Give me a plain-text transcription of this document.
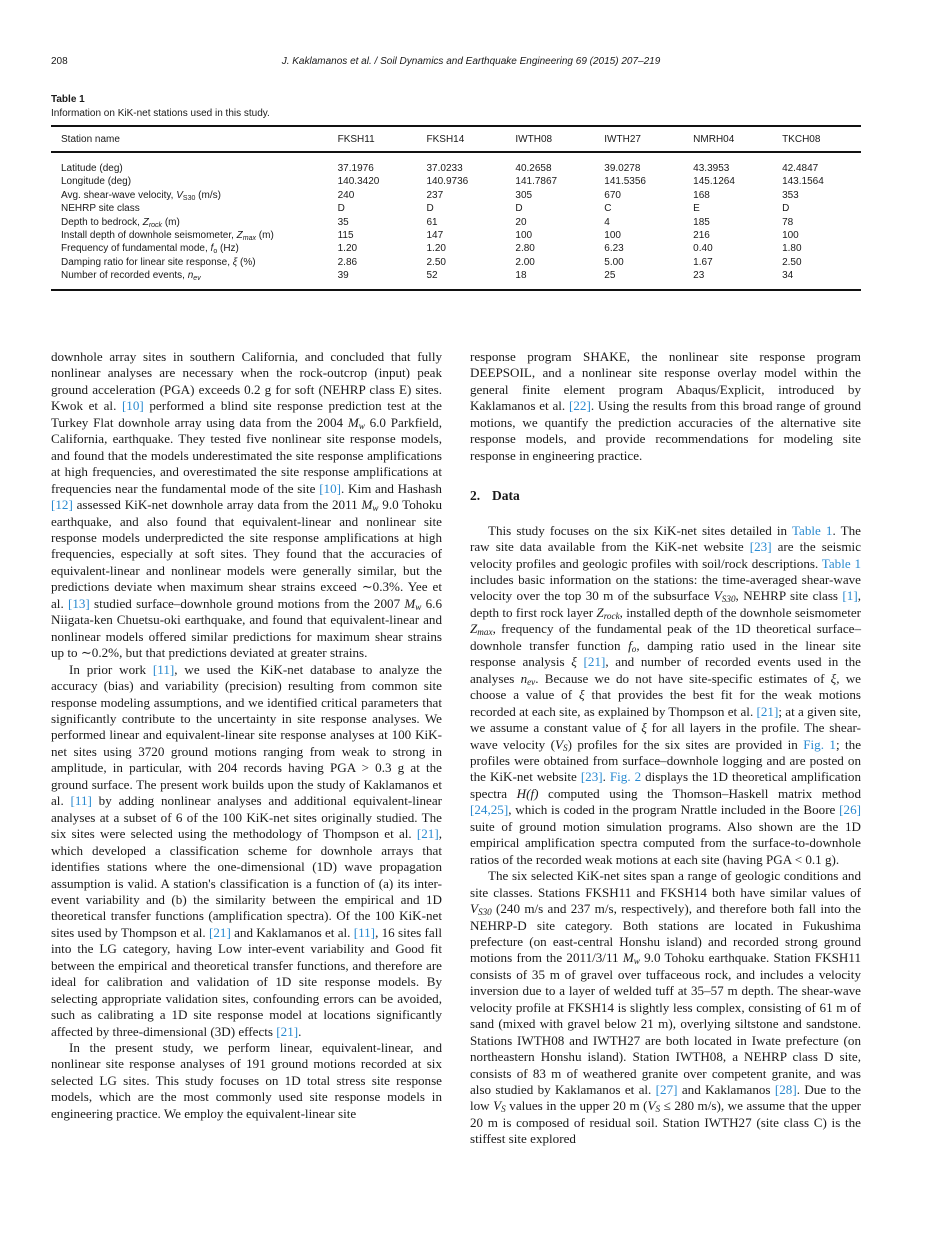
208	J. Kaklamanos et al. / Soil Dynamics and Earthquake Engineering 69 (2015) 207–219
Table 1
Information on KiK-net stations used in this study.
Station name	FKSH11	FKSH14	IWTH08	IWTH27	NMRH04	TKCH08
Latitude (deg)	37.1976	37.0233	40.2658	39.0278	43.3953	42.4847
Longitude (deg)	140.3420	140.9736	141.7867	141.5356	145.1264	143.1564
Avg. shear-wave velocity, $V_{S30}$ (m/s)	240	237	305	670	168	353
NEHRP site class	D	D	D	C	E	D
Depth to bedrock, $Z_{rock}$ (m)	35	61	20	4	185	78
Install depth of downhole seismometer, $Z_{max}$ (m)	115	147	100	100	216	100
Frequency of fundamental mode, $f_o$ (Hz)	1.20	1.20	2.80	6.23	0.40	1.80
Damping ratio for linear site response, ξ (%)	2.86	2.50	2.00	5.00	1.67	2.50
Number of recorded events, $n_{ev}$	39	52	18	25	23	34

downhole array sites in southern California, and concluded that fully nonlinear analyses are necessary when the rock-outcrop (input) peak ground acceleration (PGA) exceeds 0.2 g for soft (NEHRP class E) sites. Kwok et al. [10] performed a blind site response prediction test at the Turkey Flat downhole array using data from the 2004 $M_w$ 6.0 Parkfield, California, earthquake. They tested five nonlinear site response models, and found that the models underestimated the site response amplifications at high frequencies, and overestimated the site response amplifications at frequencies near the fundamental mode of the site [10]. Kim and Hashash [12] assessed KiK-net downhole array data from the 2011 $M_w$ 9.0 Tohoku earthquake, and also found that equivalent-linear and nonlinear site response models underpredicted the site response amplifications at high frequencies, especially at soft sites. They found that the accuracies of equivalent-linear and nonlinear models were generally similar, but the predictions deviate when maximum shear strains exceed ∼0.3%. Yee et al. [13] studied surface–downhole ground motions from the 2007 $M_w$ 6.6 Niigata-ken Chuetsu-oki earthquake, and found that equivalent-linear and nonlinear models offered similar predictions for maximum shear strains up to ∼0.2%, but that predictions deviated at greater strains.

In prior work [11], we used the KiK-net database to analyze the accuracy (bias) and variability (precision) resulting from common site response modeling assumptions, and we identified critical parameters that significantly contribute to the uncertainty in site response analyses. We performed linear and equivalent-linear site response analyses at 100 KiK-net sites using 3720 ground motions ranging from weak to strong in amplitude, in particular, with 204 records having PGA > 0.3 g at the ground surface. The present work builds upon the study of Kaklamanos et al. [11] by adding nonlinear analyses and additional equivalent-linear analyses at a subset of 6 of the 100 KiK-net sites originally studied. The six sites were selected using the methodology of Thompson et al. [21], which developed a classification scheme for downhole arrays that identifies stations where the one-dimensional (1D) wave propagation assumption is valid. A station's classification is a function of (a) its inter-event variability and (b) the similarity between the empirical and 1D theoretical transfer functions (amplification spectra). Of the 100 KiK-net sites used by Thompson et al. [21] and Kaklamanos et al. [11], 16 sites fall into the LG category, having Low inter-event variability and Good fit between the empirical and theoretical transfer functions, and therefore are ideal for calibration and validation of 1D site response models. By selecting appropriate validation sites, confounding errors can be avoided, such as calibrating a 1D site response model at locations significantly affected by three-dimensional (3D) effects [21].

In the present study, we perform linear, equivalent-linear, and nonlinear site response analyses of 191 ground motions recorded at six selected LG sites. This study focuses on 1D total stress site response models, which are the most commonly used site response models in engineering practice. We employ the equivalent-linear site

response program SHAKE, the nonlinear site response program DEEPSOIL, and a nonlinear site response overlay model within the general finite element program Abaqus/Explicit, introduced by Kaklamanos et al. [22]. Using the results from this broad range of ground motions, we quantify the prediction accuracies of the alternative site response models, and provide recommendations for modeling site response in engineering practice.

2. Data

This study focuses on the six KiK-net sites detailed in Table 1. The raw site data available from the KiK-net website [23] are the seismic velocity profiles and geologic profiles with soil/rock descriptions. Table 1 includes basic information on the stations: the time-averaged shear-wave velocity over the top 30 m of the subsurface $V_{S30}$, NEHRP site class [1], depth to first rock layer $Z_{rock}$, installed depth of the downhole seismometer $Z_{max}$, frequency of the fundamental peak of the 1D theoretical surface–downhole transfer function $f_o$, damping ratio used in the linear site response analysis ξ [21], and number of recorded events used in the analyses $n_{ev}$. Because we do not have site-specific estimates of ξ, we choose a value of ξ that provides the best fit for the weak motions recorded at each site, as explained by Thompson et al. [21]; at a given site, we assume a constant value of ξ for all layers in the profile. The shear-wave velocity $(V_S)$ profiles for the six sites are provided in Fig. 1; the profiles were obtained from surface–downhole logging and are posted on the KiK-net website [23]. Fig. 2 displays the 1D theoretical amplification spectra H(f) computed using the Thomson–Haskell matrix method [24,25], which is coded in the program Nrattle included in the Boore [26] suite of ground motion simulation programs. Also shown are the 1D empirical amplification spectra computed from the surface-to-downhole ratios of the recorded weak motions at each site (having PGA < 0.1 g).

The six selected KiK-net sites span a range of geologic conditions and site classes. Stations FKSH11 and FKSH14 both have similar values of $V_{S30}$ (240 m/s and 237 m/s, respectively), and therefore both fall into the NEHRP-D site category. Both stations are located in Fukushima prefecture (on east-central Honshu island) and recorded strong ground motions from the 2011/3/11 $M_w$ 9.0 Tohoku earthquake. Station FKSH11 consists of 35 m of gravel over tuffaceous rock, and includes a velocity inversion due to a layer of welded tuff at 35–57 m depth. The shear-wave velocity profile at FKSH14 is slightly less complex, consisting of 61 m of sand (mixed with gravel below 21 m), overlying siltstone and sandstone. Stations IWTH08 and IWTH27 are both located in Iwate prefecture (on northeastern Honshu island). Station IWTH08, a NEHRP class D site, consists of 83 m of weathered granite over competent granite, and was also studied by Kaklamanos et al. [27] and Kaklamanos [28]. Due to the low $V_S$ values in the upper 20 m ($V_S \le 280$ m/s), we assume that the upper 20 m is composed of residual soil. Station IWTH27 (site class C) is the stiffest site explored
